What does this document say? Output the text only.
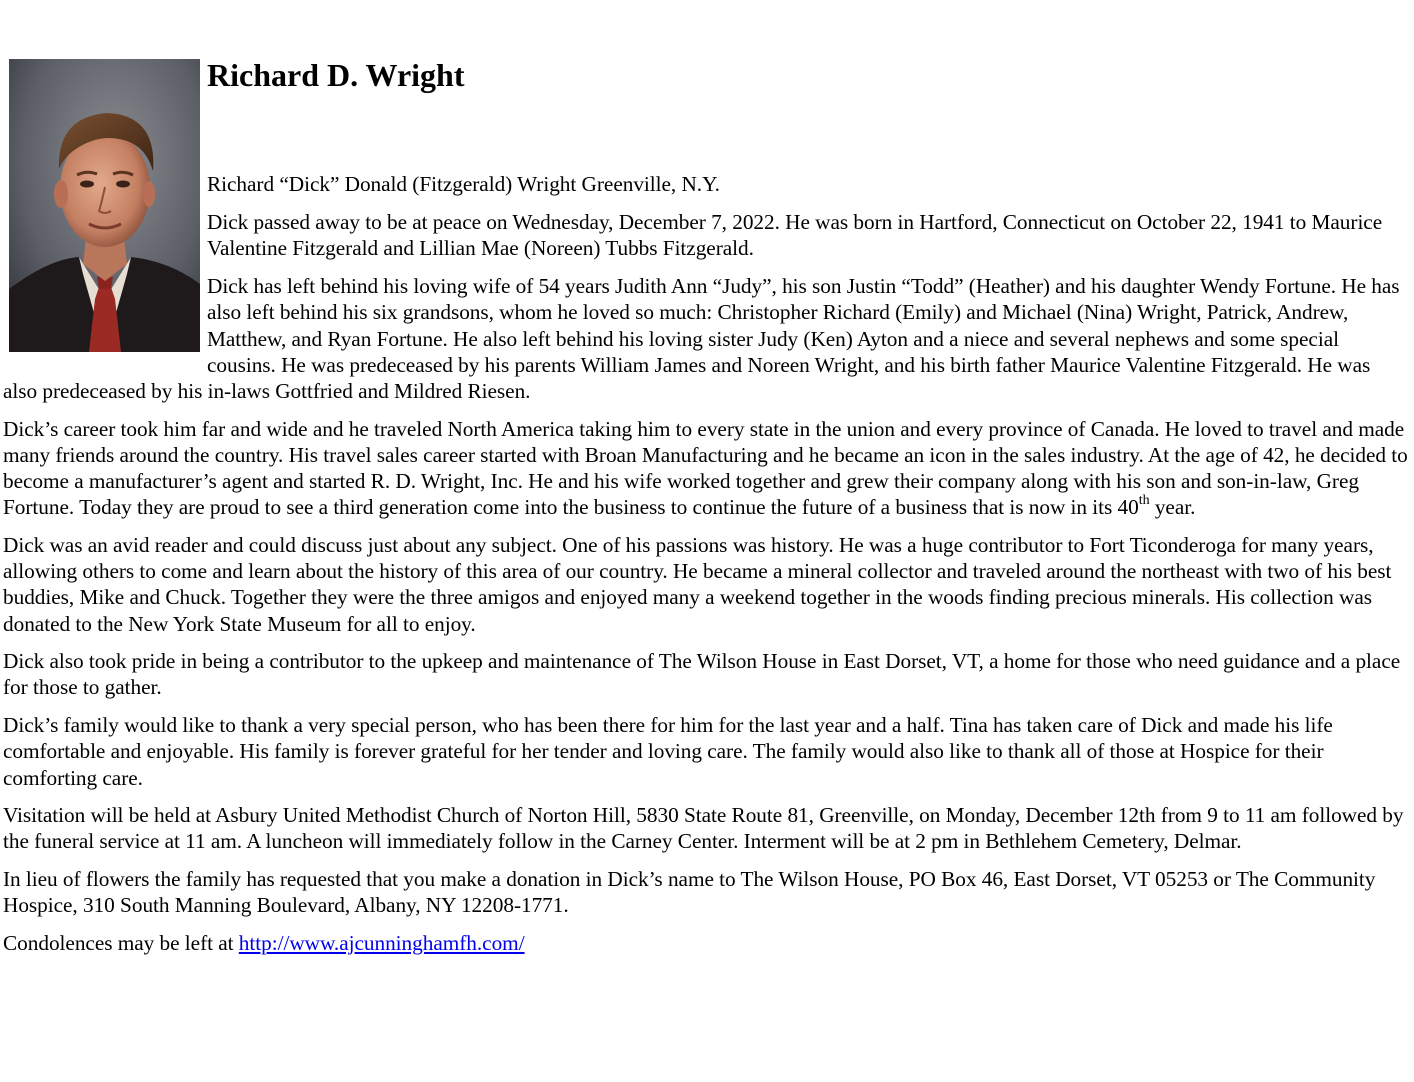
Richard D. Wright

Richard “Dick” Donald (Fitzgerald) Wright Greenville, N.Y.

Dick passed away to be at peace on Wednesday, December 7, 2022. He was born in Hartford, Connecticut on October 22, 1941 to Maurice Valentine Fitzgerald and Lillian Mae (Noreen) Tubbs Fitzgerald.

Dick has left behind his loving wife of 54 years Judith Ann “Judy”, his son Justin “Todd” (Heather) and his daughter Wendy Fortune. He has also left behind his six grandsons, whom he loved so much: Christopher Richard (Emily) and Michael (Nina) Wright, Patrick, Andrew, Matthew, and Ryan Fortune. He also left behind his loving sister Judy (Ken) Ayton and a niece and several nephews and some special cousins. He was predeceased by his parents William James and Noreen Wright, and his birth father Maurice Valentine Fitzgerald. He was also predeceased by his in-laws Gottfried and Mildred Riesen.

Dick’s career took him far and wide and he traveled North America taking him to every state in the union and every province of Canada. He loved to travel and made many friends around the country. His travel sales career started with Broan Manufacturing and he became an icon in the sales industry. At the age of 42, he decided to become a manufacturer’s agent and started R. D. Wright, Inc. He and his wife worked together and grew their company along with his son and son-in-law, Greg Fortune. Today they are proud to see a third generation come into the business to continue the future of a business that is now in its 40th year.

Dick was an avid reader and could discuss just about any subject. One of his passions was history. He was a huge contributor to Fort Ticonderoga for many years, allowing others to come and learn about the history of this area of our country. He became a mineral collector and traveled around the northeast with two of his best buddies, Mike and Chuck. Together they were the three amigos and enjoyed many a weekend together in the woods finding precious minerals. His collection was donated to the New York State Museum for all to enjoy.

Dick also took pride in being a contributor to the upkeep and maintenance of The Wilson House in East Dorset, VT, a home for those who need guidance and a place for those to gather.

Dick’s family would like to thank a very special person, who has been there for him for the last year and a half. Tina has taken care of Dick and made his life comfortable and enjoyable. His family is forever grateful for her tender and loving care. The family would also like to thank all of those at Hospice for their comforting care.

Visitation will be held at Asbury United Methodist Church of Norton Hill, 5830 State Route 81, Greenville, on Monday, December 12th from 9 to 11 am followed by the funeral service at 11 am. A luncheon will immediately follow in the Carney Center. Interment will be at 2 pm in Bethlehem Cemetery, Delmar.

In lieu of flowers the family has requested that you make a donation in Dick’s name to The Wilson House, PO Box 46, East Dorset, VT 05253 or The Community Hospice, 310 South Manning Boulevard, Albany, NY 12208-1771.

Condolences may be left at http://www.ajcunninghamfh.com/
